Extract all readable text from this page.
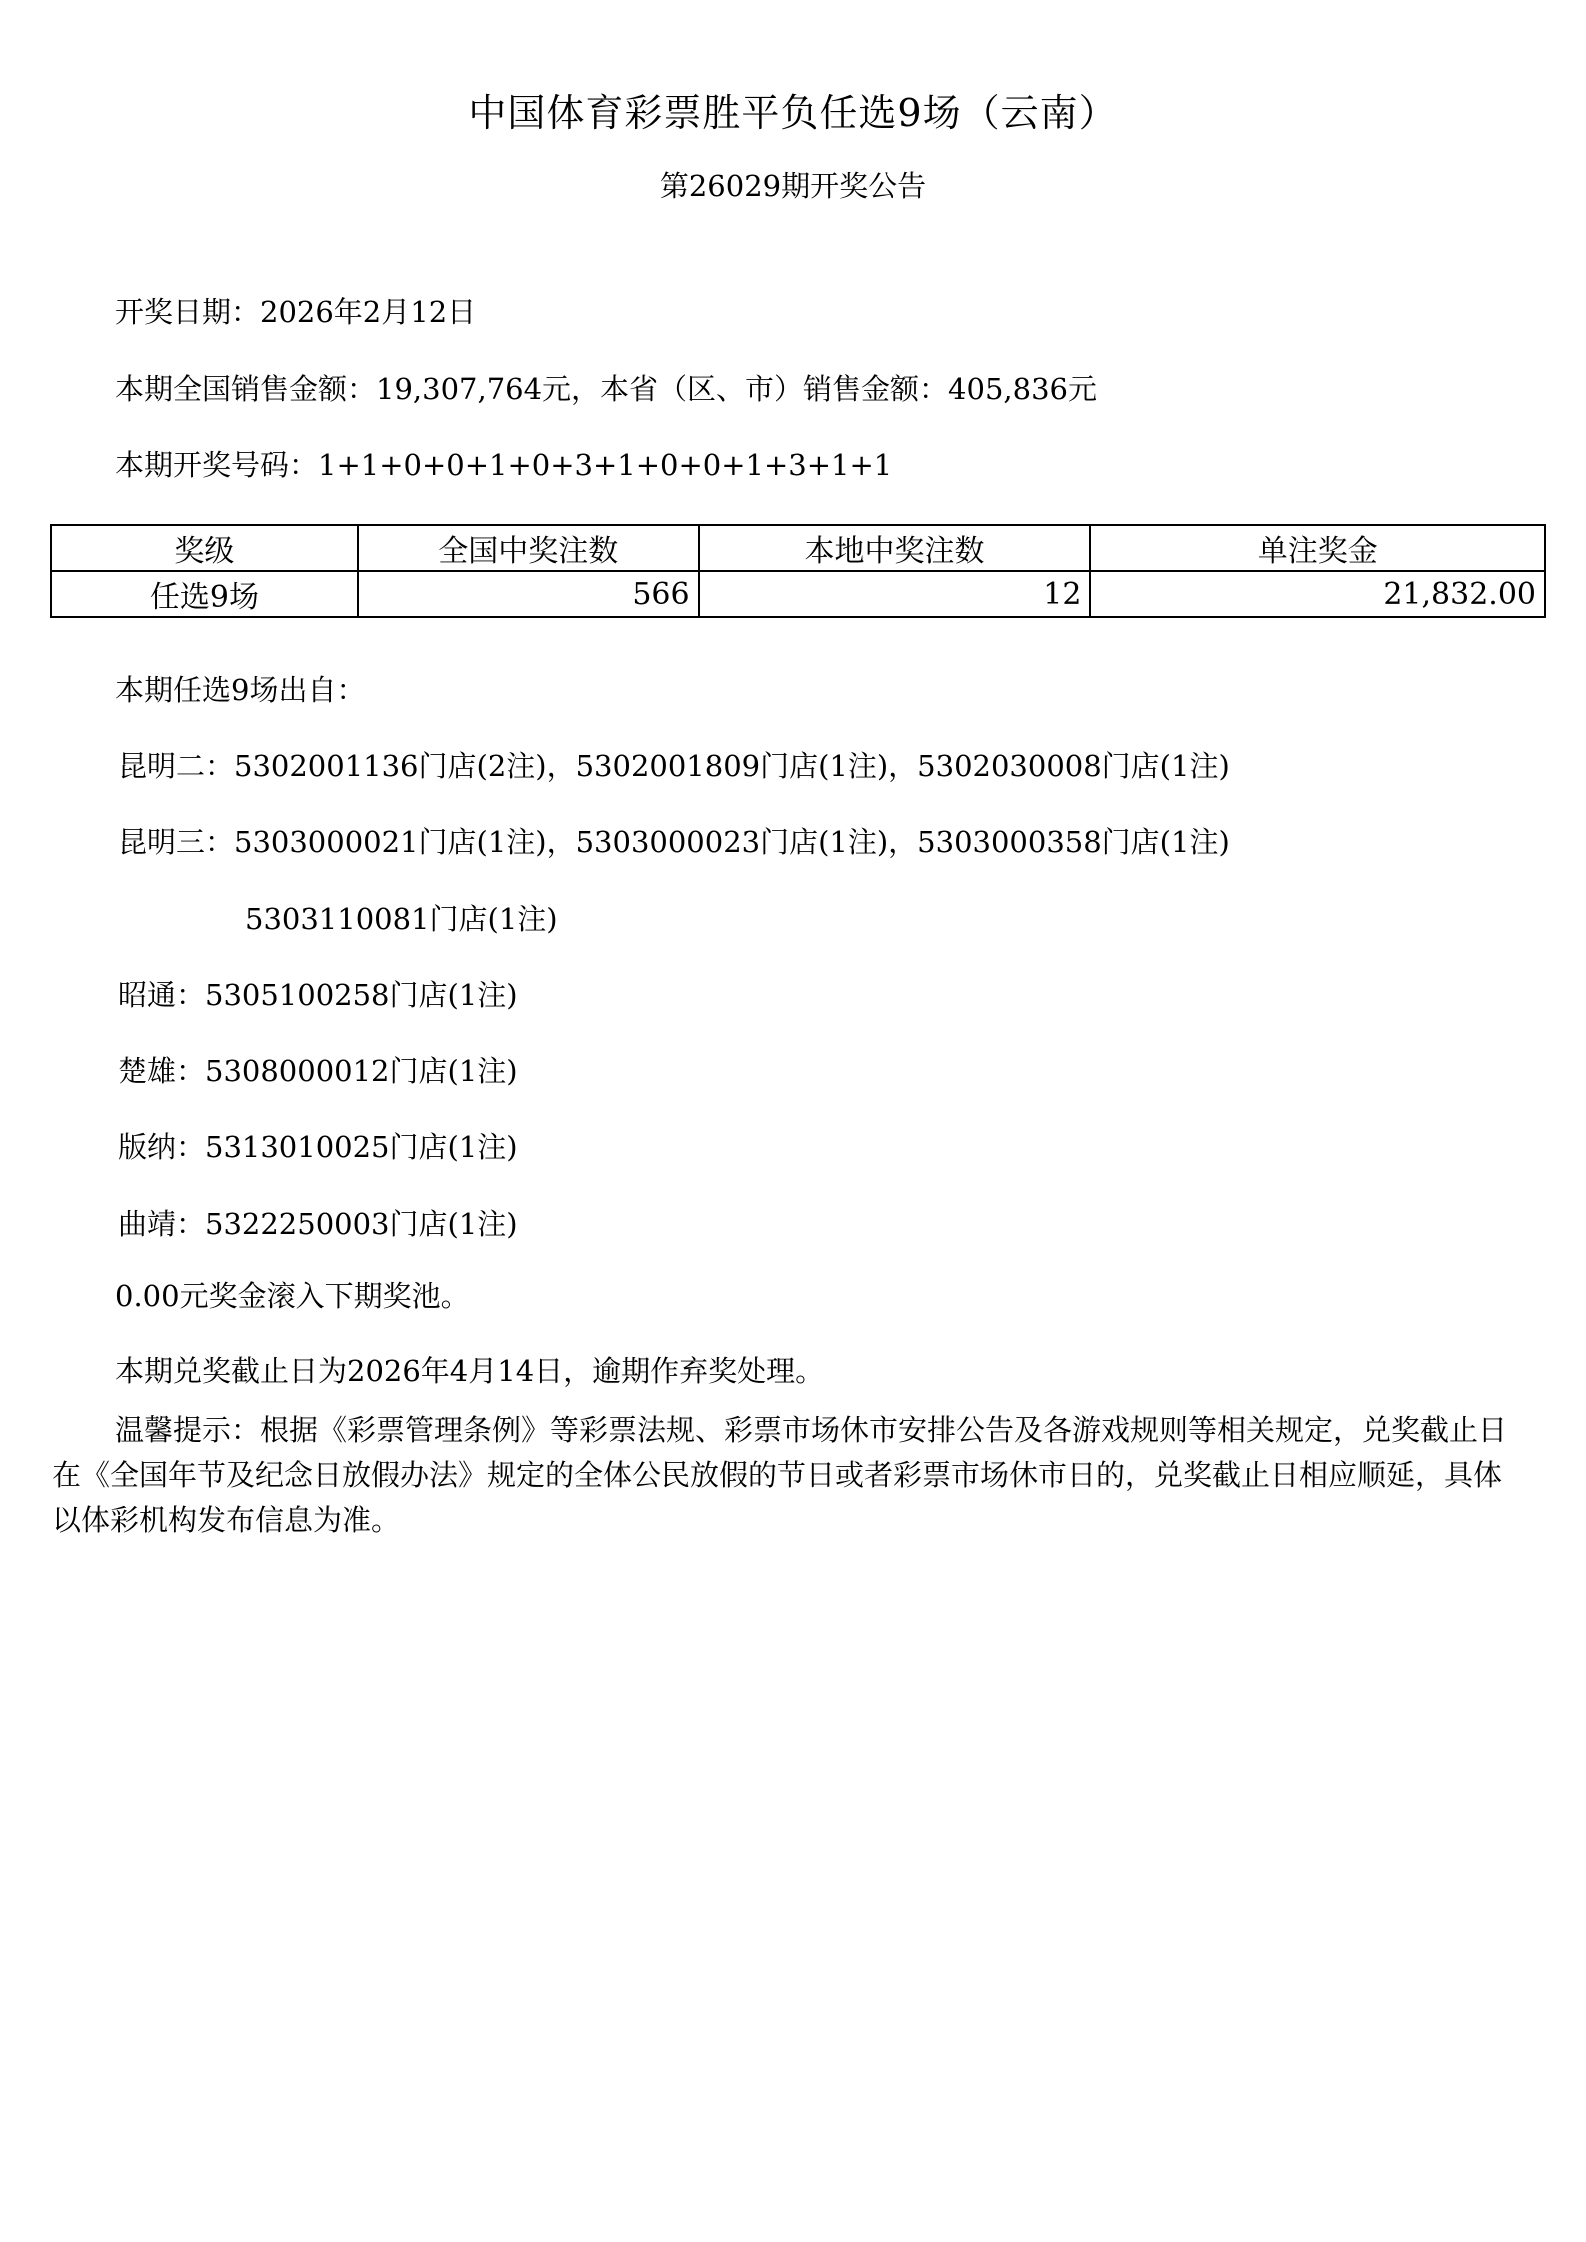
中国体育彩票胜平负任选9场（云南）
第26029期开奖公告
开奖日期：2026年2月12日
本期全国销售金额：19,307,764元，本省（区、市）销售金额：405,836元
本期开奖号码：1+1+0+0+1+0+3+1+0+0+1+3+1+1
奖级	全国中奖注数	本地中奖注数	单注奖金
任选9场	566	12	21,832.00
本期任选9场出自：
昆明二：5302001136门店(2注)，5302001809门店(1注)，5302030008门店(1注)
昆明三：5303000021门店(1注)，5303000023门店(1注)，5303000358门店(1注)
5303110081门店(1注)
昭通：5305100258门店(1注)
楚雄：5308000012门店(1注)
版纳：5313010025门店(1注)
曲靖：5322250003门店(1注)
0.00元奖金滚入下期奖池。
本期兑奖截止日为2026年4月14日，逾期作弃奖处理。
温馨提示：根据《彩票管理条例》等彩票法规、彩票市场休市安排公告及各游戏规则等相关规定，兑奖截止日在《全国年节及纪念日放假办法》规定的全体公民放假的节日或者彩票市场休市日的，兑奖截止日相应顺延，具体以体彩机构发布信息为准。
